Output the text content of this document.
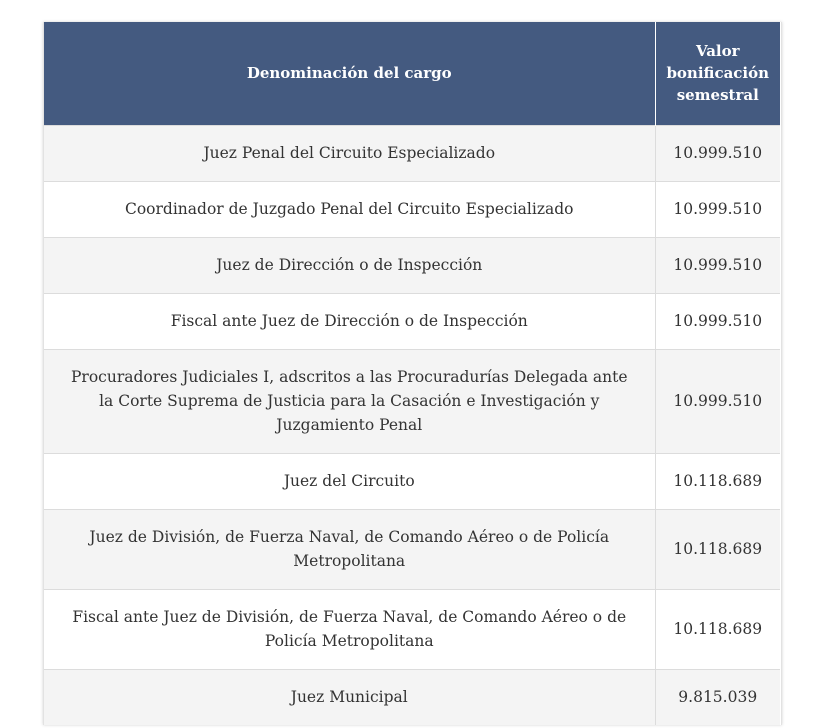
Denominación del cargo	Valor bonificación semestral
Juez Penal del Circuito Especializado	10.999.510
Coordinador de Juzgado Penal del Circuito Especializado	10.999.510
Juez de Dirección o de Inspección	10.999.510
Fiscal ante Juez de Dirección o de Inspección	10.999.510
Procuradores Judiciales I, adscritos a las Procuradurías Delegada ante la Corte Suprema de Justicia para la Casación e Investigación y Juzgamiento Penal	10.999.510
Juez del Circuito	10.118.689
Juez de División, de Fuerza Naval, de Comando Aéreo o de Policía Metropolitana	10.118.689
Fiscal ante Juez de División, de Fuerza Naval, de Comando Aéreo o de Policía Metropolitana	10.118.689
Juez Municipal	9.815.039
